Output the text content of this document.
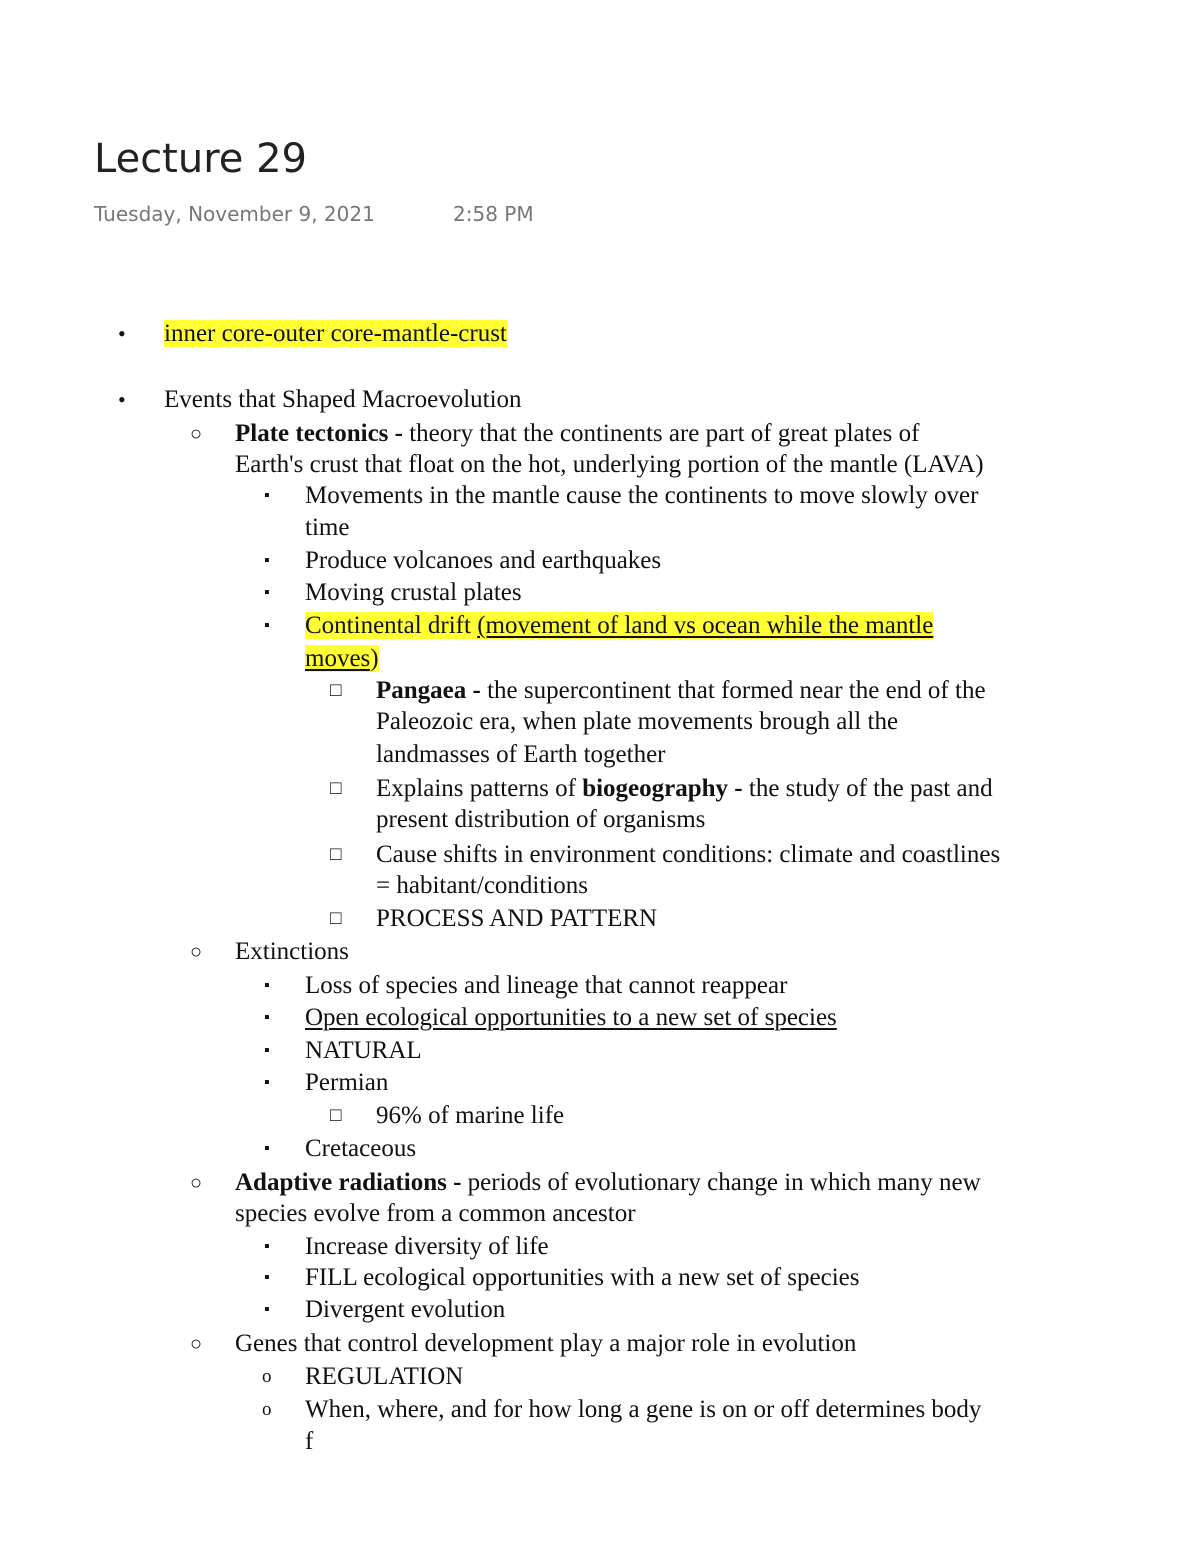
Lecture 29
Tuesday, November 9, 2021	2:58 PM
• inner core-outer core-mantle-crust
• Events that Shaped Macroevolution
○ Plate tectonics - theory that the continents are part of great plates of
Earth's crust that float on the hot, underlying portion of the mantle (LAVA)
▪ Movements in the mantle cause the continents to move slowly over
time
▪ Produce volcanoes and earthquakes
▪ Moving crustal plates
▪ Continental drift (movement of land vs ocean while the mantle
moves)
□ Pangaea - the supercontinent that formed near the end of the
Paleozoic era, when plate movements brough all the
landmasses of Earth together
□ Explains patterns of biogeography - the study of the past and
present distribution of organisms
□ Cause shifts in environment conditions: climate and coastlines
= habitant/conditions
□ PROCESS AND PATTERN
○ Extinctions
▪ Loss of species and lineage that cannot reappear
▪ Open ecological opportunities to a new set of species
▪ NATURAL
▪ Permian
□ 96% of marine life
▪ Cretaceous
○ Adaptive radiations - periods of evolutionary change in which many new
species evolve from a common ancestor
▪ Increase diversity of life
▪ FILL ecological opportunities with a new set of species
▪ Divergent evolution
○ Genes that control development play a major role in evolution
o REGULATION
o When, where, and for how long a gene is on or off determines body
f
